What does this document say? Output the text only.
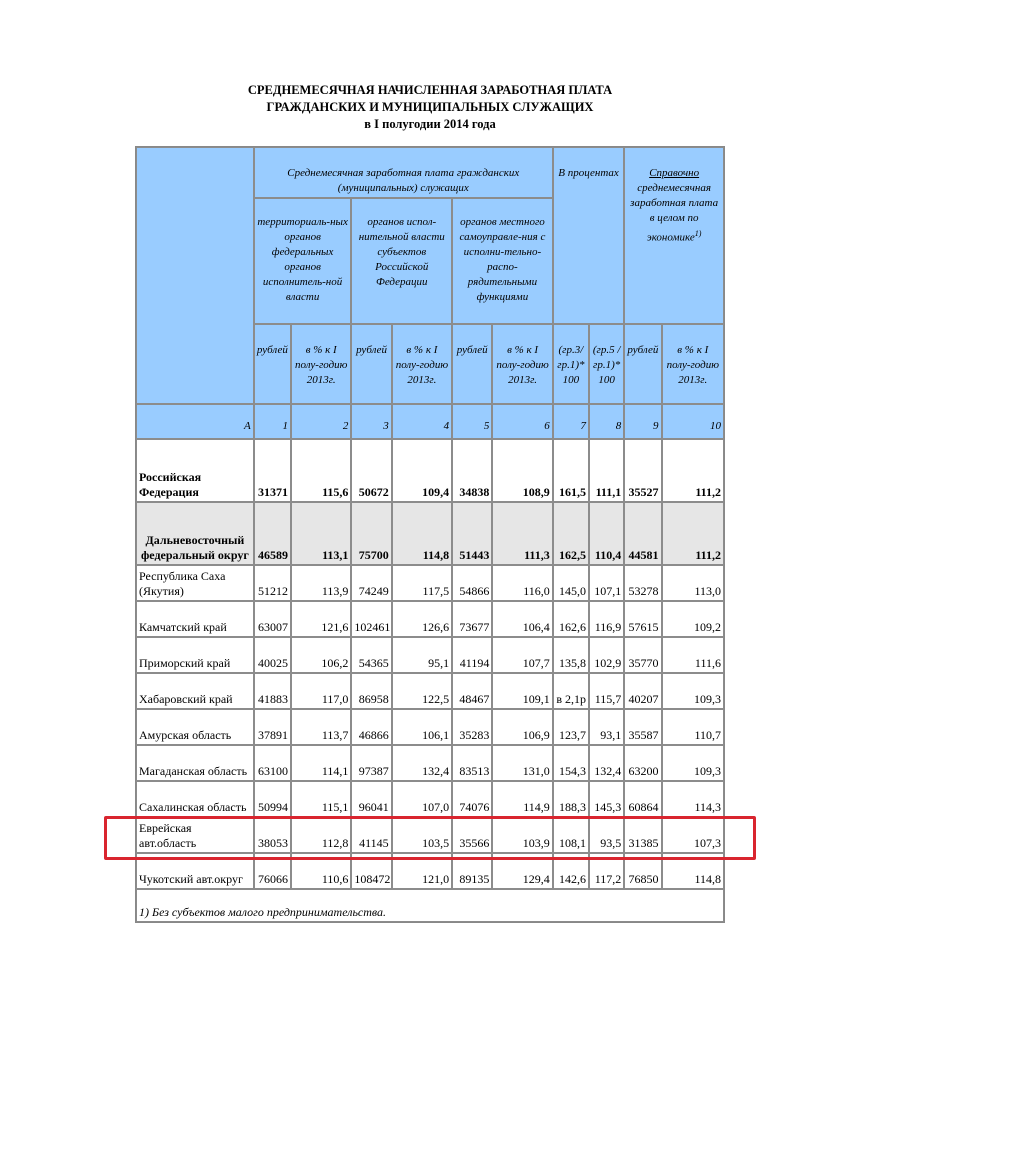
СРЕДНЕМЕСЯЧНАЯ НАЧИСЛЕННАЯ ЗАРАБОТНАЯ ПЛАТА
ГРАЖДАНСКИХ И МУНИЦИПАЛЬНЫХ СЛУЖАЩИХ
в I полугодии 2014 года
	Среднемесячная заработная плата гражданских (муниципальных) служащих						В процентах		Справочно
среднемесячная заработная плата в целом по экономике$^{1)}$
	территориаль-ных органов федеральных органов исполнитель-ной власти		органов испол-нительной власти субъектов Российской Федерации		органов местного самоуправле-ния с исполни-тельно-распо-рядительными функциями					
	рублей	в % к I полу-годию 2013г.	рублей	в % к I полу-годию 2013г.	рублей	в % к I полу-годию 2013г.	(гр.3/ гр.1)* 100	(гр.5 / гр.1)* 100	рублей	в % к I полу-годию 2013г.
А	1	2	3	4	5	6	7	8	9	10
Российская Федерация	31371	115,6	50672	109,4	34838	108,9	161,5	111,1	35527	111,2
Дальневосточный федеральный округ	46589	113,1	75700	114,8	51443	111,3	162,5	110,4	44581	111,2
Республика Саха (Якутия)	51212	113,9	74249	117,5	54866	116,0	145,0	107,1	53278	113,0
Камчатский край	63007	121,6	102461	126,6	73677	106,4	162,6	116,9	57615	109,2
Приморский край	40025	106,2	54365	95,1	41194	107,7	135,8	102,9	35770	111,6
Хабаровский край	41883	117,0	86958	122,5	48467	109,1	в 2,1р	115,7	40207	109,3
Амурская область	37891	113,7	46866	106,1	35283	106,9	123,7	93,1	35587	110,7
Магаданская область	63100	114,1	97387	132,4	83513	131,0	154,3	132,4	63200	109,3
Сахалинская область	50994	115,1	96041	107,0	74076	114,9	188,3	145,3	60864	114,3
Еврейская авт.область	38053	112,8	41145	103,5	35566	103,9	108,1	93,5	31385	107,3
Чукотский авт.округ	76066	110,6	108472	121,0	89135	129,4	142,6	117,2	76850	114,8
1) Без субъектов малого предпринимательства.										
